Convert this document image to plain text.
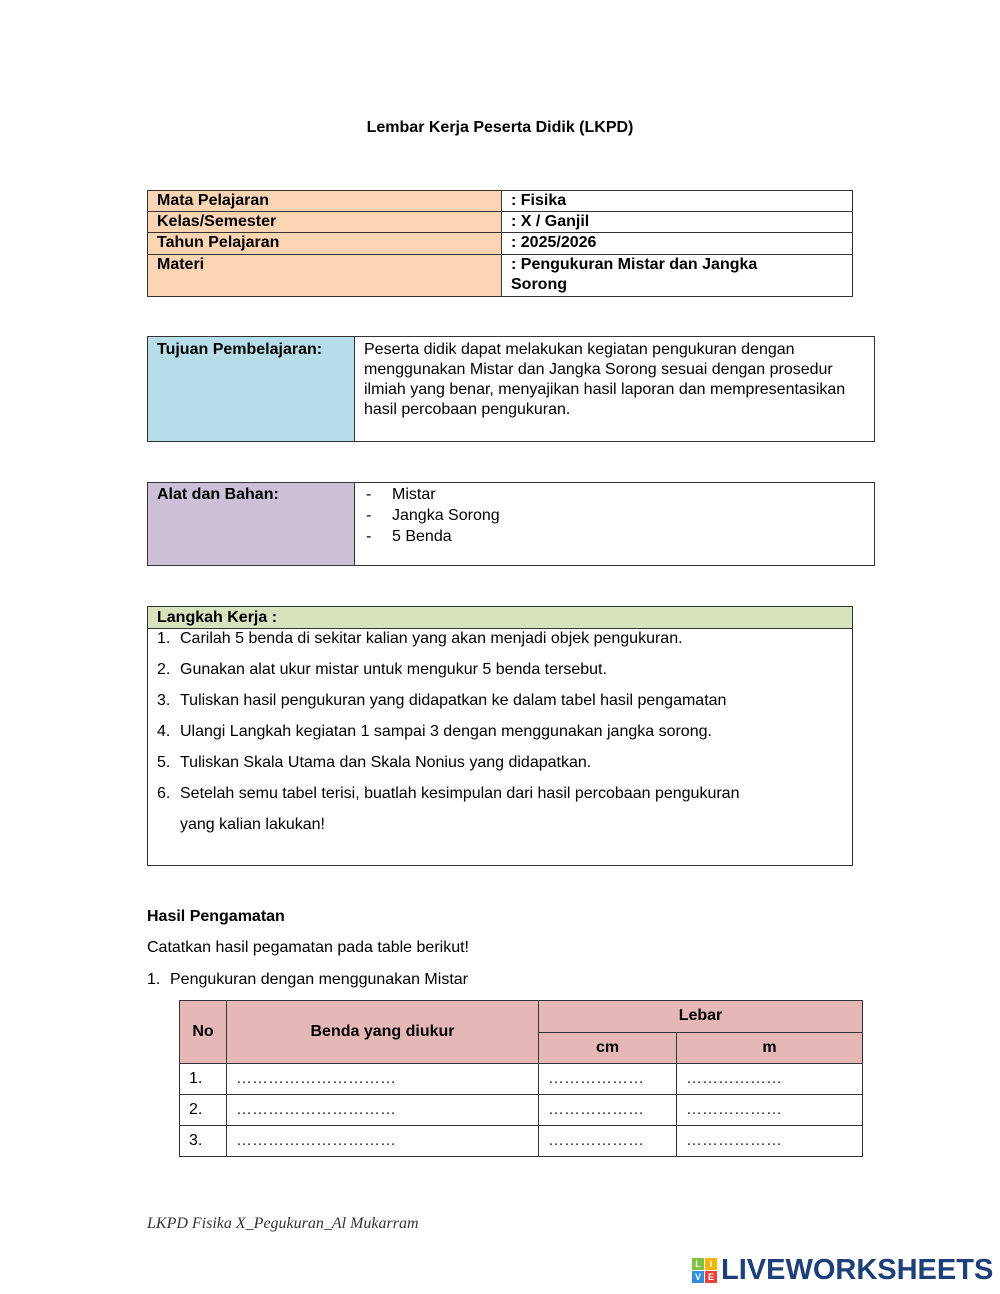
Lembar Kerja Peserta Didik (LKPD)
Mata Pelajaran	: Fisika
Kelas/Semester	: X / Ganjil
Tahun Pelajaran	: 2025/2026
Materi	: Pengukuran Mistar dan Jangka Sorong
Tujuan Pembelajaran:	Peserta didik dapat melakukan kegiatan pengukuran dengan menggunakan Mistar dan Jangka Sorong sesuai dengan prosedur ilmiah yang benar, menyajikan hasil laporan dan mempresentasikan hasil percobaan pengukuran.
Alat dan Bahan:	- Mistar
- Jangka Sorong
- 5 Benda
Langkah Kerja :
1. Carilah 5 benda di sekitar kalian yang akan menjadi objek pengukuran.
2. Gunakan alat ukur mistar untuk mengukur 5 benda tersebut.
3. Tuliskan hasil pengukuran yang didapatkan ke dalam tabel hasil pengamatan
4. Ulangi Langkah kegiatan 1 sampai 3 dengan menggunakan jangka sorong.
5. Tuliskan Skala Utama dan Skala Nonius yang didapatkan.
6. Setelah semu tabel terisi, buatlah kesimpulan dari hasil percobaan pengukuran
yang kalian lakukan!
Hasil Pengamatan
Catatkan hasil pegamatan pada table berikut!
1. Pengukuran dengan menggunakan Mistar
No	Benda yang diukur	Lebar	
		cm	m
1.	…………………………	………………	………………
2.	…………………………	………………	………………
3.	…………………………	………………	………………
LKPD Fisika X_Pegukuran_Al Mukarram
L I
V E LIVEWORKSHEETS
